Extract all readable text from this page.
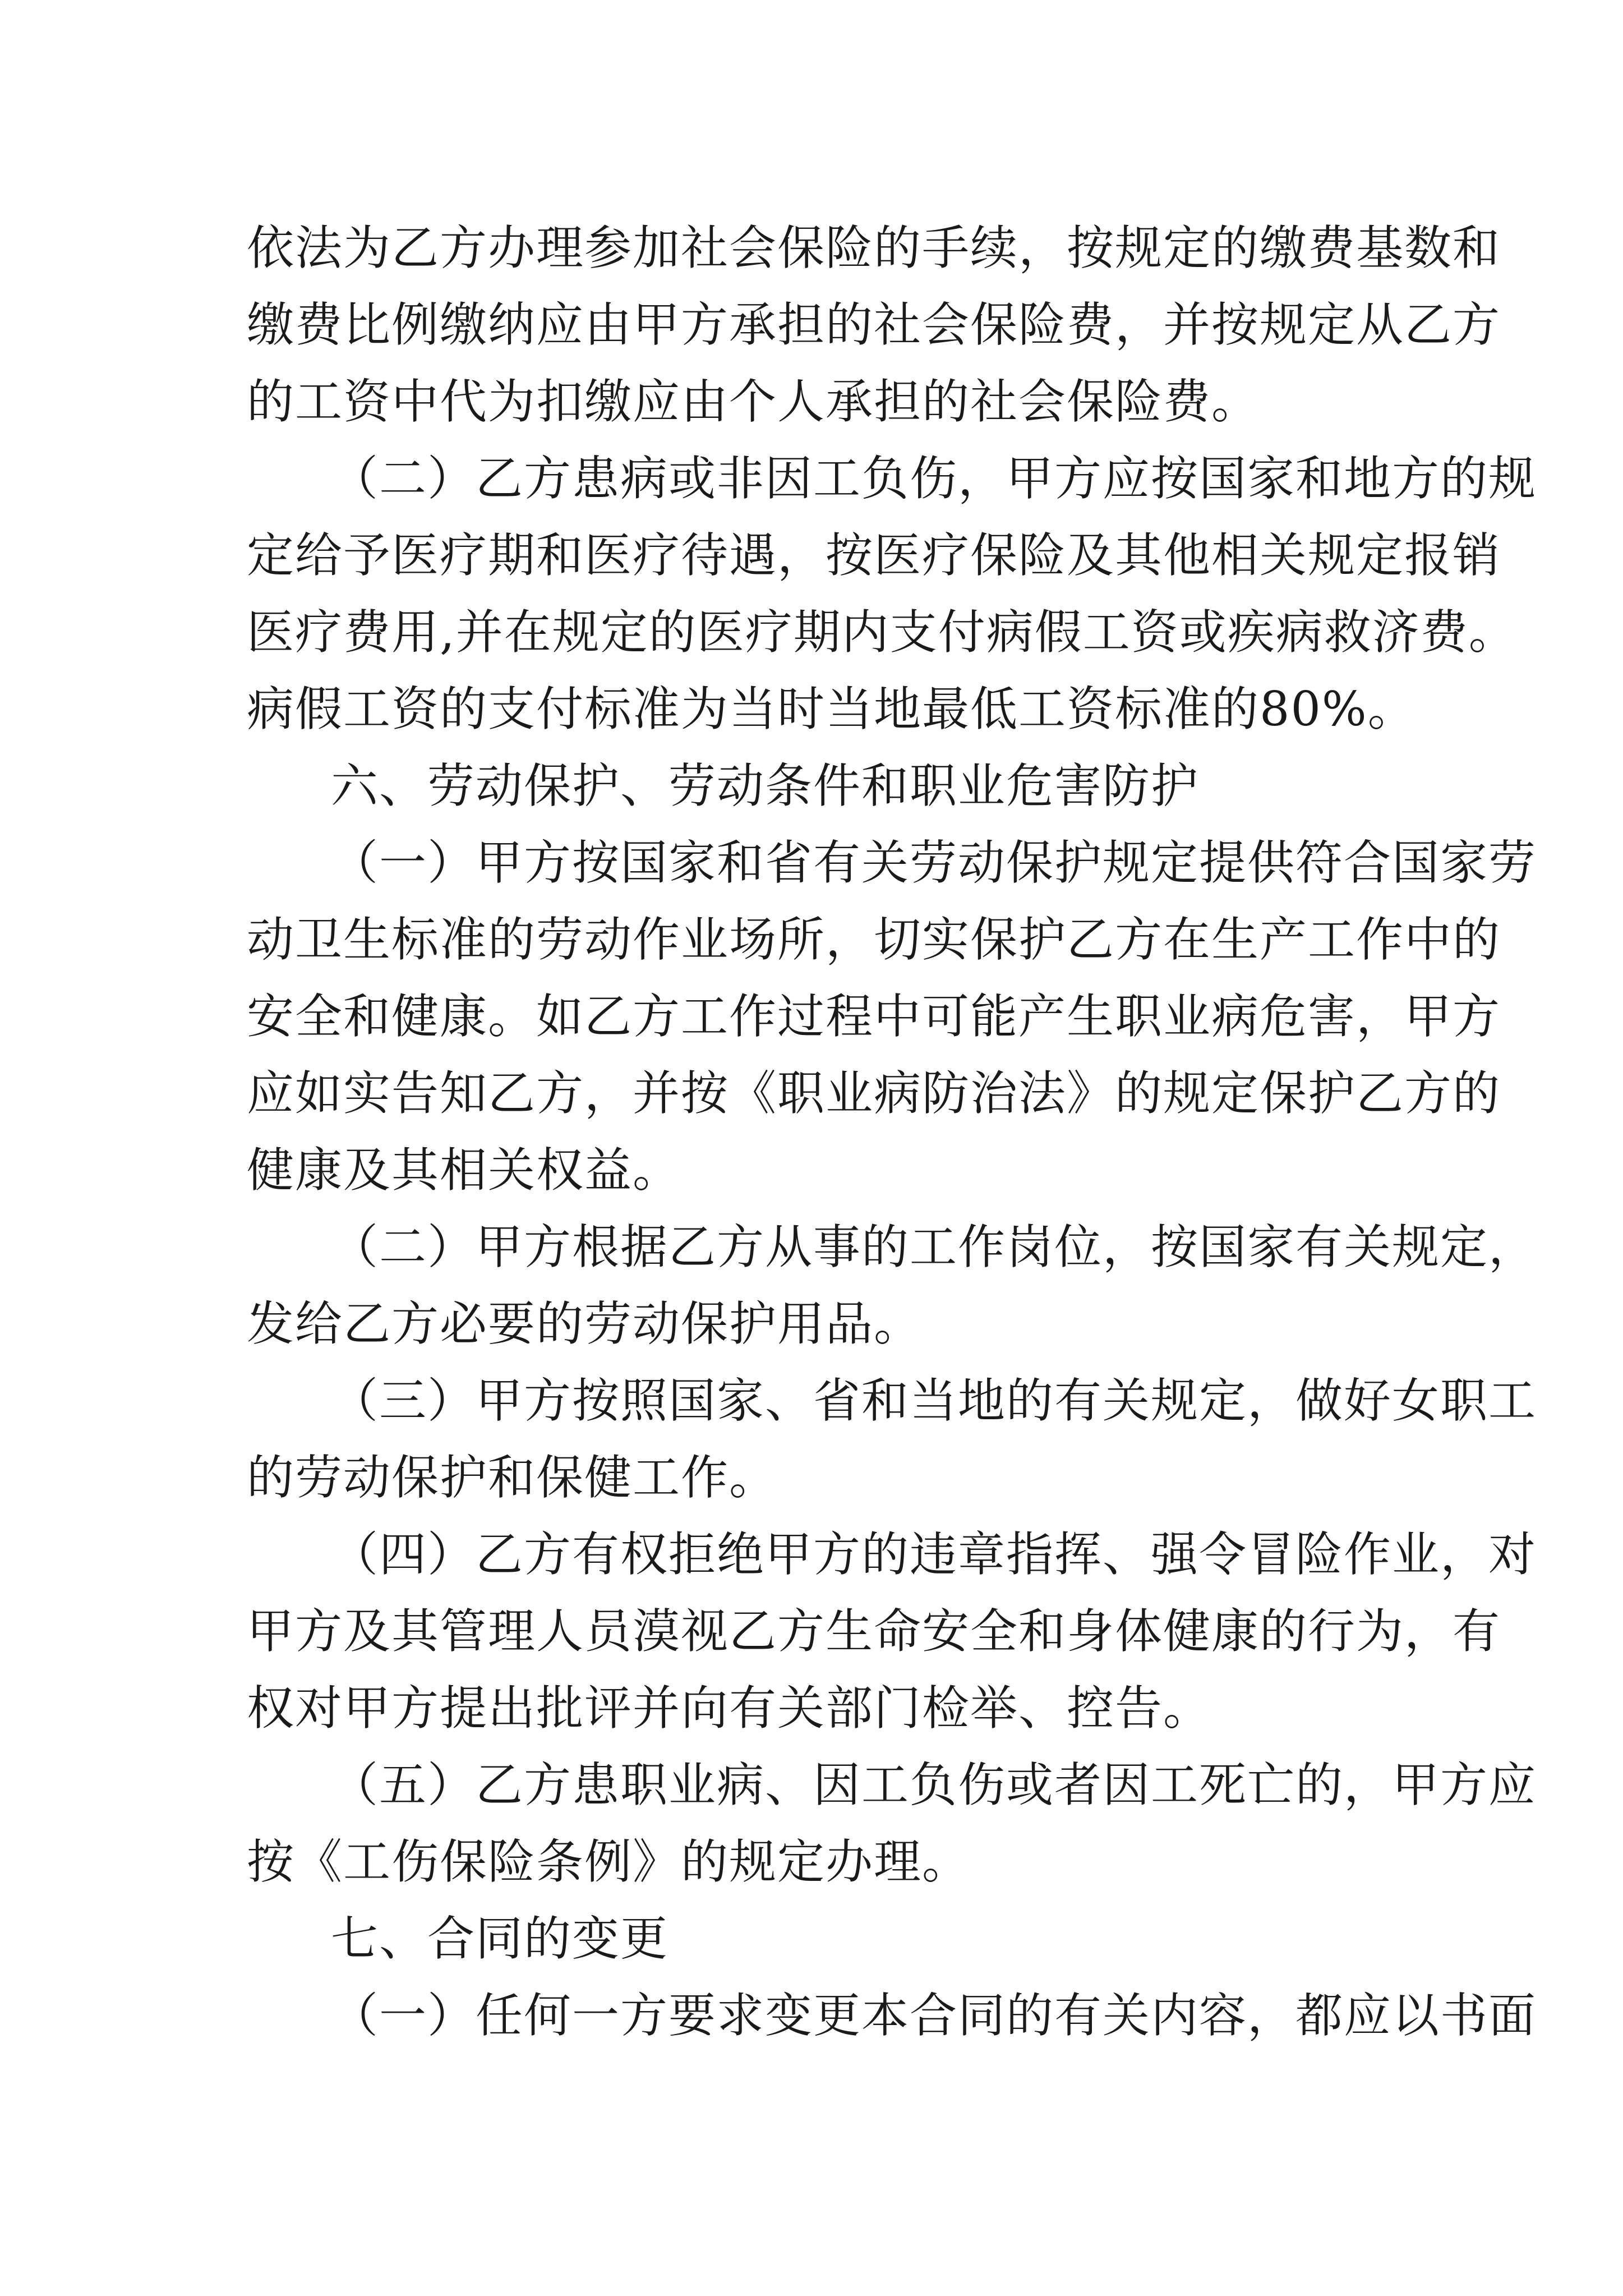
依法为乙方办理参加社会保险的手续，按规定的缴费基数和
缴费比例缴纳应由甲方承担的社会保险费，并按规定从乙方
的工资中代为扣缴应由个人承担的社会保险费。
（二）乙方患病或非因工负伤，甲方应按国家和地方的规
定给予医疗期和医疗待遇，按医疗保险及其他相关规定报销
医疗费用,并在规定的医疗期内支付病假工资或疾病救济费。
病假工资的支付标准为当时当地最低工资标准的80%。
六、劳动保护、劳动条件和职业危害防护
（一）甲方按国家和省有关劳动保护规定提供符合国家劳
动卫生标准的劳动作业场所，切实保护乙方在生产工作中的
安全和健康。如乙方工作过程中可能产生职业病危害，甲方
应如实告知乙方，并按《职业病防治法》的规定保护乙方的
健康及其相关权益。
（二）甲方根据乙方从事的工作岗位，按国家有关规定，
发给乙方必要的劳动保护用品。
（三）甲方按照国家、省和当地的有关规定，做好女职工
的劳动保护和保健工作。
（四）乙方有权拒绝甲方的违章指挥、强令冒险作业，对
甲方及其管理人员漠视乙方生命安全和身体健康的行为，有
权对甲方提出批评并向有关部门检举、控告。
（五）乙方患职业病、因工负伤或者因工死亡的，甲方应
按《工伤保险条例》的规定办理。
七、合同的变更
（一）任何一方要求变更本合同的有关内容，都应以书面
